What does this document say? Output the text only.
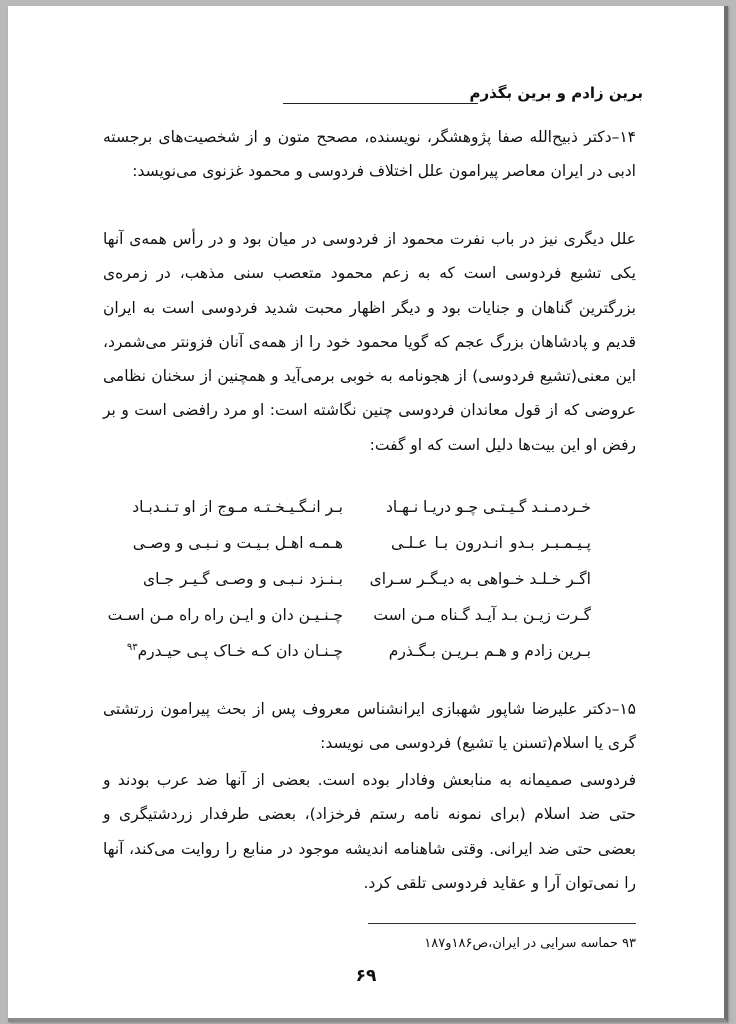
برین زادم و برین بگذرم

۱۴–دکتر ذبیح‌الله صفا پژوهشگر، نویسنده، مصحح متون و از شخصیت‌های برجسته ادبی در ایران معاصر پیرامون علل اختلاف فردوسی و محمود غزنوی می‌نویسد:

علل دیگری نیز در باب نفرت محمود از فردوسی در میان بود و در رأس همه‌ی آنها یکی تشیع فردوسی است که به زعم محمود متعصب سنی مذهب، در زمره‌ی بزرگترین گناهان و جنایات بود و دیگر اظهار محبت شدید فردوسی است به ایران قدیم و پادشاهان بزرگ عجم که گویا محمود خود را از همه‌ی آنان فزونتر می‌شمرد، این معنی(تشیع فردوسی) از هجونامه به خوبی برمی‌آید و همچنین از سخنان نظامی عروضی که از قول معاندان فردوسی چنین نگاشته است: او مرد رافضی است و بر رفض او این بیت‌ها دلیل است که او گفت:

خـردمـنـد گـیـتـی چـو دریـا نـهـاد
بـر انـگـیـخـتـه مـوج از او تـنـدبـاد
پـیـمـبـر بـدو انـدرون بـا عـلـی
هـمـه اهـل بـیـت و نـبـی و وصـی
اگـر خـلـد خـواهی به دیـگـر سـرای
بـنـزد نـبـی و وصـی گـیـر جـای
گـرت زیـن بـد آیـد گـناه مـن است
چـنـیـن دان و ایـن راه راه مـن اسـت
بـرین زادم و هـم بـریـن بـگـذرم
چـنـان دان کـه خـاک پـی حیـدرم$^{۹۳}$

۱۵–دکتر علیرضا شاپور شهبازی ایرانشناس معروف پس از بحث پیرامون زرتشتی گری یا اسلام(تسنن یا تشیع) فردوسی می نویسد:

فردوسی صمیمانه به منابعش وفادار بوده است. بعضی از آنها ضد عرب بودند و حتی ضد اسلام (برای نمونه نامه رستم فرخزاد)، بعضی طرفدار زردشتیگری و بعضی حتی ضد ایرانی. وقتی شاهنامه اندیشه موجود در منابع را روایت می‌کند، آنها را نمی‌توان آرا و عقاید فردوسی تلقی کرد.

۹۳ حماسه سرایی در ایران،ص۱۸۶و۱۸۷
۶۹
